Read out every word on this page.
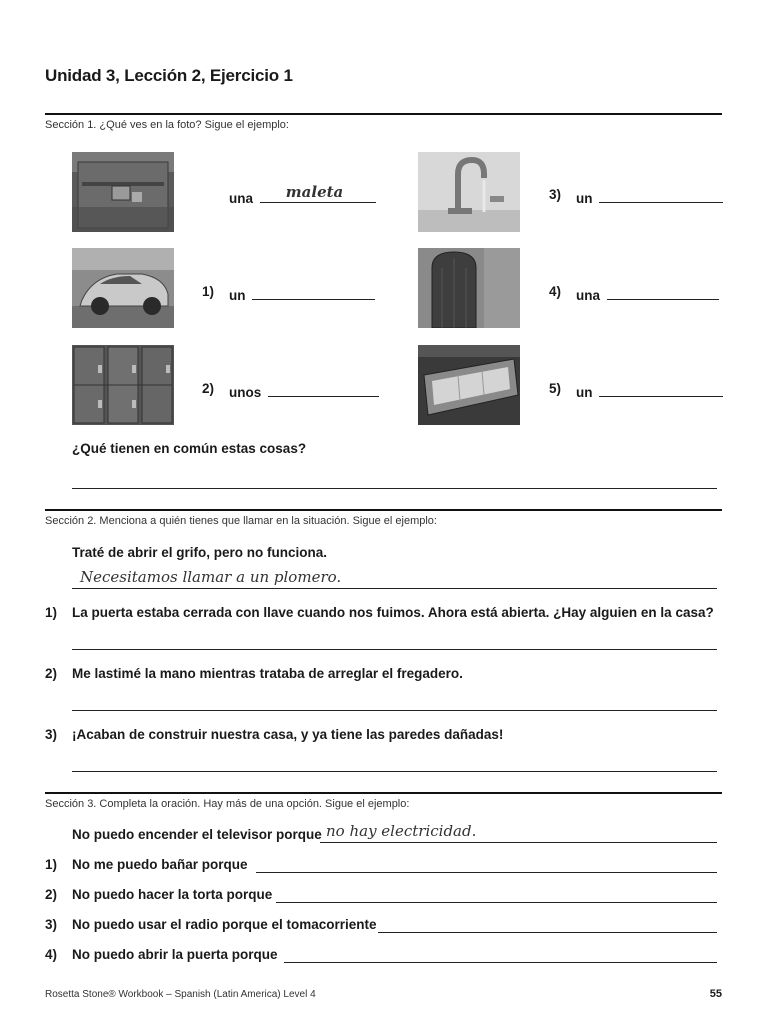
Unidad 3, Lección 2, Ejercicio 1
Sección 1. ¿Qué ves en la foto? Sigue el ejemplo:
una maleta
1) un
2) unos
3) un
4) una
5) un
¿Qué tienen en común estas cosas?
Sección 2. Menciona a quién tienes que llamar en la situación. Sigue el ejemplo:
Traté de abrir el grifo, pero no funciona.
Necesitamos llamar a un plomero.
1) La puerta estaba cerrada con llave cuando nos fuimos. Ahora está abierta. ¿Hay alguien en la casa?
2) Me lastimé la mano mientras trataba de arreglar el fregadero.
3) ¡Acaban de construir nuestra casa, y ya tiene las paredes dañadas!
Sección 3. Completa la oración. Hay más de una opción. Sigue el ejemplo:
No puedo encender el televisor porque no hay electricidad.
1) No me puedo bañar porque
2) No puedo hacer la torta porque
3) No puedo usar el radio porque el tomacorriente
4) No puedo abrir la puerta porque
Rosetta Stone® Workbook – Spanish (Latin America) Level 4	55
